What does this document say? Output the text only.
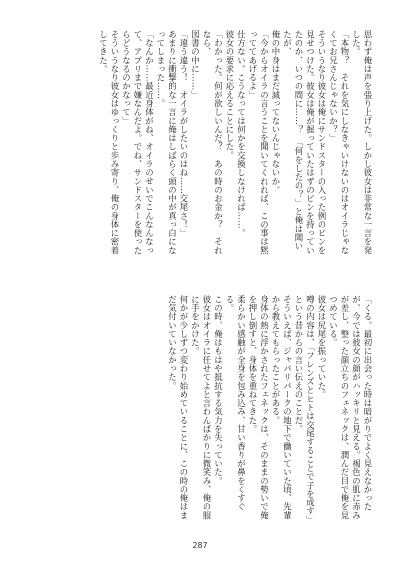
思わず俺は声を張り上げた。しかし彼女は非常な一言を発した。
「本物？　それを気にしなきゃいけないのはオイラじゃなくてお兄さんじゃないか？」
そういうなり彼女は俺にサンドスターの入った例のビンを見せつけた。彼女は俺が握っていたはずのビンを持っていたのか、いつの間に……？　「何をしたの？」と俺は聞いたが、
俺の中身はまだ減ってないんじゃないか。
「今からオイラの言うことを聞いてくれれば、この事は黙っててあげるよ」
仕方ない。こうなっては何かを交換しなければ……。
彼女の要求に応えることにした。
「わかった。何が欲しいんだ？　あの時のお金か？　それなら、
図書の中に……」
「違う違う！　オイラがしたいのはね……交尾さ！」
あまりに衝撃的な一言に俺はしばらく頭の中が真っ白になってしまった……。
「なんか……最近身体がね、オイラのせいでこんなんなって、アプリまで嫌なんだよ。でね、サンドスターを使ったらどうなるのかなって」
そういうなり彼女はゆっくりと歩み寄り、俺の身体に密着してきた。
「くる。最初に出会った時は暗がりでよく見えなかったが、今では彼女の顔がハッキリと見える。褐色の肌に赤みが差し、整った顔立ちのフェネックは、潤んだ目で俺を見つめている。
彼女は尻尾を振っていた。
噂の内容は、「フレンズとヒトは交尾することで子を成す」という昔からの言い伝えのことだ。
そういえば、ジャパリパークの地下で働いていた頃、先輩から教えてもらったことがある。
身体の熱に浮かされたフェネックは、そのままの勢いで俺を押し倒すと、身体を重ねてきた。
柔らかい感触が全身を包み込み、甘い香りが鼻をくすぐる。
この時、俺はもはや抵抗する気力を失っていた。
彼女はオイラに任せてよと言わんばかりに微笑み、俺の服に手をかけた。
何かが少しずつ変わり始めていることに、この時の俺はまだ気付いていなかった。
287
